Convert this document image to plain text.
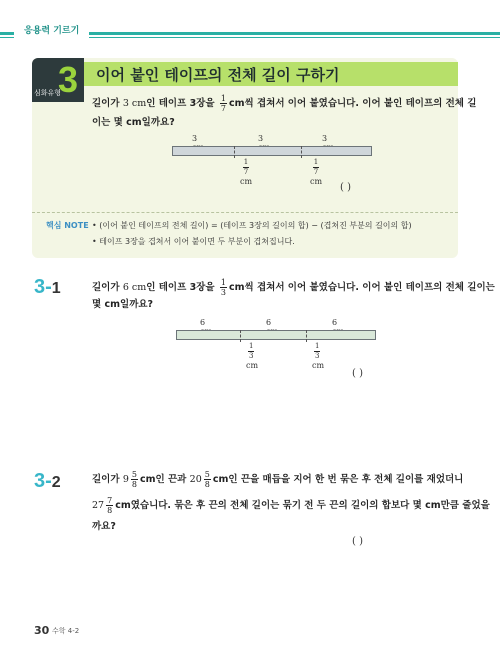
응용력 기르기
심화유형
3 이어 붙인 테이프의 전체 길이 구하기
길이가 3 cm인 테이프 3장을 $\frac{1}{7}$ cm씩 겹쳐서 이어 붙였습니다. 이어 붙인 테이프의 전체 길
이는 몇 cm일까요?
3	3	3
$\frac{1}{7}$
cm
$\frac{1}{7}$
cm
( )
핵심 NOTE • (이어 붙인 테이프의 전체 길이) = (테이프 3장의 길이의 합) − (겹쳐진 부분의 길이의 합)
• 테이프 3장을 겹쳐서 이어 붙이면 두 부분이 겹쳐집니다.
3-1	길이가 6 cm인 테이프 3장을 $\frac{1}{3}$ cm씩 겹쳐서 이어 붙였습니다. 이어 붙인 테이프의 전체 길이는
몇 cm일까요?
6	6	6
$\frac{1}{3}$
cm
$\frac{1}{3}$
cm
( )
3-2	길이가 $9 \frac{5}{8}$ cm인 끈과 $20 \frac{5}{8}$ cm인 끈을 매듭을 지어 한 번 묶은 후 전체 길이를 재었더니
$27 \frac{7}{8}$ cm였습니다. 묶은 후 끈의 전체 길이는 묶기 전 두 끈의 길이의 합보다 몇 cm만큼 줄었을
까요?
( )
30 수학 4-2
